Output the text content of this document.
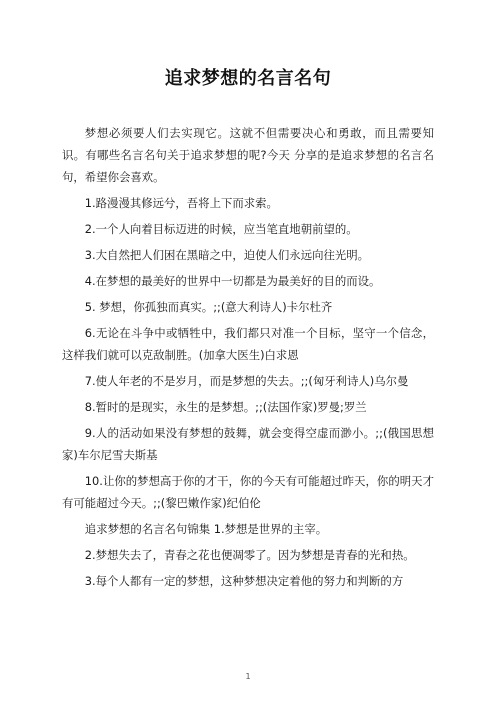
追求梦想的名言名句

梦想必须要人们去实现它。这就不但需要决心和勇敢，而且需要知识。有哪些名言名句关于追求梦想的呢?今天 分享的是追求梦想的名言名句，希望你会喜欢。

1.路漫漫其修远兮，吾将上下而求索。

2.一个人向着目标迈进的时候，应当笔直地朝前望的。

3.大自然把人们困在黑暗之中，迫使人们永远向往光明。

4.在梦想的最美好的世界中一切都是为最美好的目的而设。

5. 梦想，你孤独而真实。;;(意大利诗人)卡尔杜齐

6.无论在斗争中或牺牲中，我们都只对准一个目标，坚守一个信念，这样我们就可以克敌制胜。(加拿大医生)白求恩

7.使人年老的不是岁月，而是梦想的失去。;;(匈牙利诗人)乌尔曼

8.暂时的是现实，永生的是梦想。;;(法国作家)罗曼;罗兰

9.人的活动如果没有梦想的鼓舞，就会变得空虚而渺小。;;(俄国思想家)车尔尼雪夫斯基

10.让你的梦想高于你的才干，你的今天有可能超过昨天，你的明天才有可能超过今天。;;(黎巴嫩作家)纪伯伦

追求梦想的名言名句锦集 1.梦想是世界的主宰。

2.梦想失去了，青春之花也便凋零了。因为梦想是青春的光和热。

3.每个人都有一定的梦想，这种梦想决定着他的努力和判断的方

1
